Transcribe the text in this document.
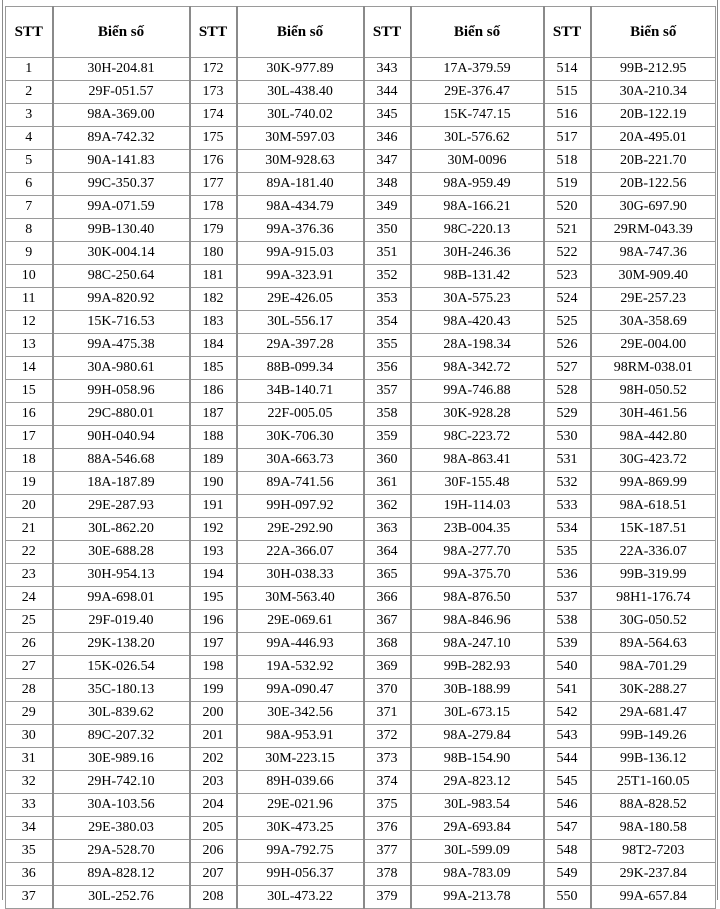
STT	Biển số	STT	Biển số	STT	Biển số	STT	Biển số
1	30H-204.81	172	30K-977.89	343	17A-379.59	514	99B-212.95
2	29F-051.57	173	30L-438.40	344	29E-376.47	515	30A-210.34
3	98A-369.00	174	30L-740.02	345	15K-747.15	516	20B-122.19
4	89A-742.32	175	30M-597.03	346	30L-576.62	517	20A-495.01
5	90A-141.83	176	30M-928.63	347	30M-0096	518	20B-221.70
6	99C-350.37	177	89A-181.40	348	98A-959.49	519	20B-122.56
7	99A-071.59	178	98A-434.79	349	98A-166.21	520	30G-697.90
8	99B-130.40	179	99A-376.36	350	98C-220.13	521	29RM-043.39
9	30K-004.14	180	99A-915.03	351	30H-246.36	522	98A-747.36
10	98C-250.64	181	99A-323.91	352	98B-131.42	523	30M-909.40
11	99A-820.92	182	29E-426.05	353	30A-575.23	524	29E-257.23
12	15K-716.53	183	30L-556.17	354	98A-420.43	525	30A-358.69
13	99A-475.38	184	29A-397.28	355	28A-198.34	526	29E-004.00
14	30A-980.61	185	88B-099.34	356	98A-342.72	527	98RM-038.01
15	99H-058.96	186	34B-140.71	357	99A-746.88	528	98H-050.52
16	29C-880.01	187	22F-005.05	358	30K-928.28	529	30H-461.56
17	90H-040.94	188	30K-706.30	359	98C-223.72	530	98A-442.80
18	88A-546.68	189	30A-663.73	360	98A-863.41	531	30G-423.72
19	18A-187.89	190	89A-741.56	361	30F-155.48	532	99A-869.99
20	29E-287.93	191	99H-097.92	362	19H-114.03	533	98A-618.51
21	30L-862.20	192	29E-292.90	363	23B-004.35	534	15K-187.51
22	30E-688.28	193	22A-366.07	364	98A-277.70	535	22A-336.07
23	30H-954.13	194	30H-038.33	365	99A-375.70	536	99B-319.99
24	99A-698.01	195	30M-563.40	366	98A-876.50	537	98H1-176.74
25	29F-019.40	196	29E-069.61	367	98A-846.96	538	30G-050.52
26	29K-138.20	197	99A-446.93	368	98A-247.10	539	89A-564.63
27	15K-026.54	198	19A-532.92	369	99B-282.93	540	98A-701.29
28	35C-180.13	199	99A-090.47	370	30B-188.99	541	30K-288.27
29	30L-839.62	200	30E-342.56	371	30L-673.15	542	29A-681.47
30	89C-207.32	201	98A-953.91	372	98A-279.84	543	99B-149.26
31	30E-989.16	202	30M-223.15	373	98B-154.90	544	99B-136.12
32	29H-742.10	203	89H-039.66	374	29A-823.12	545	25T1-160.05
33	30A-103.56	204	29E-021.96	375	30L-983.54	546	88A-828.52
34	29E-380.03	205	30K-473.25	376	29A-693.84	547	98A-180.58
35	29A-528.70	206	99A-792.75	377	30L-599.09	548	98T2-7203
36	89A-828.12	207	99H-056.37	378	98A-783.09	549	29K-237.84
37	30L-252.76	208	30L-473.22	379	99A-213.78	550	99A-657.84
